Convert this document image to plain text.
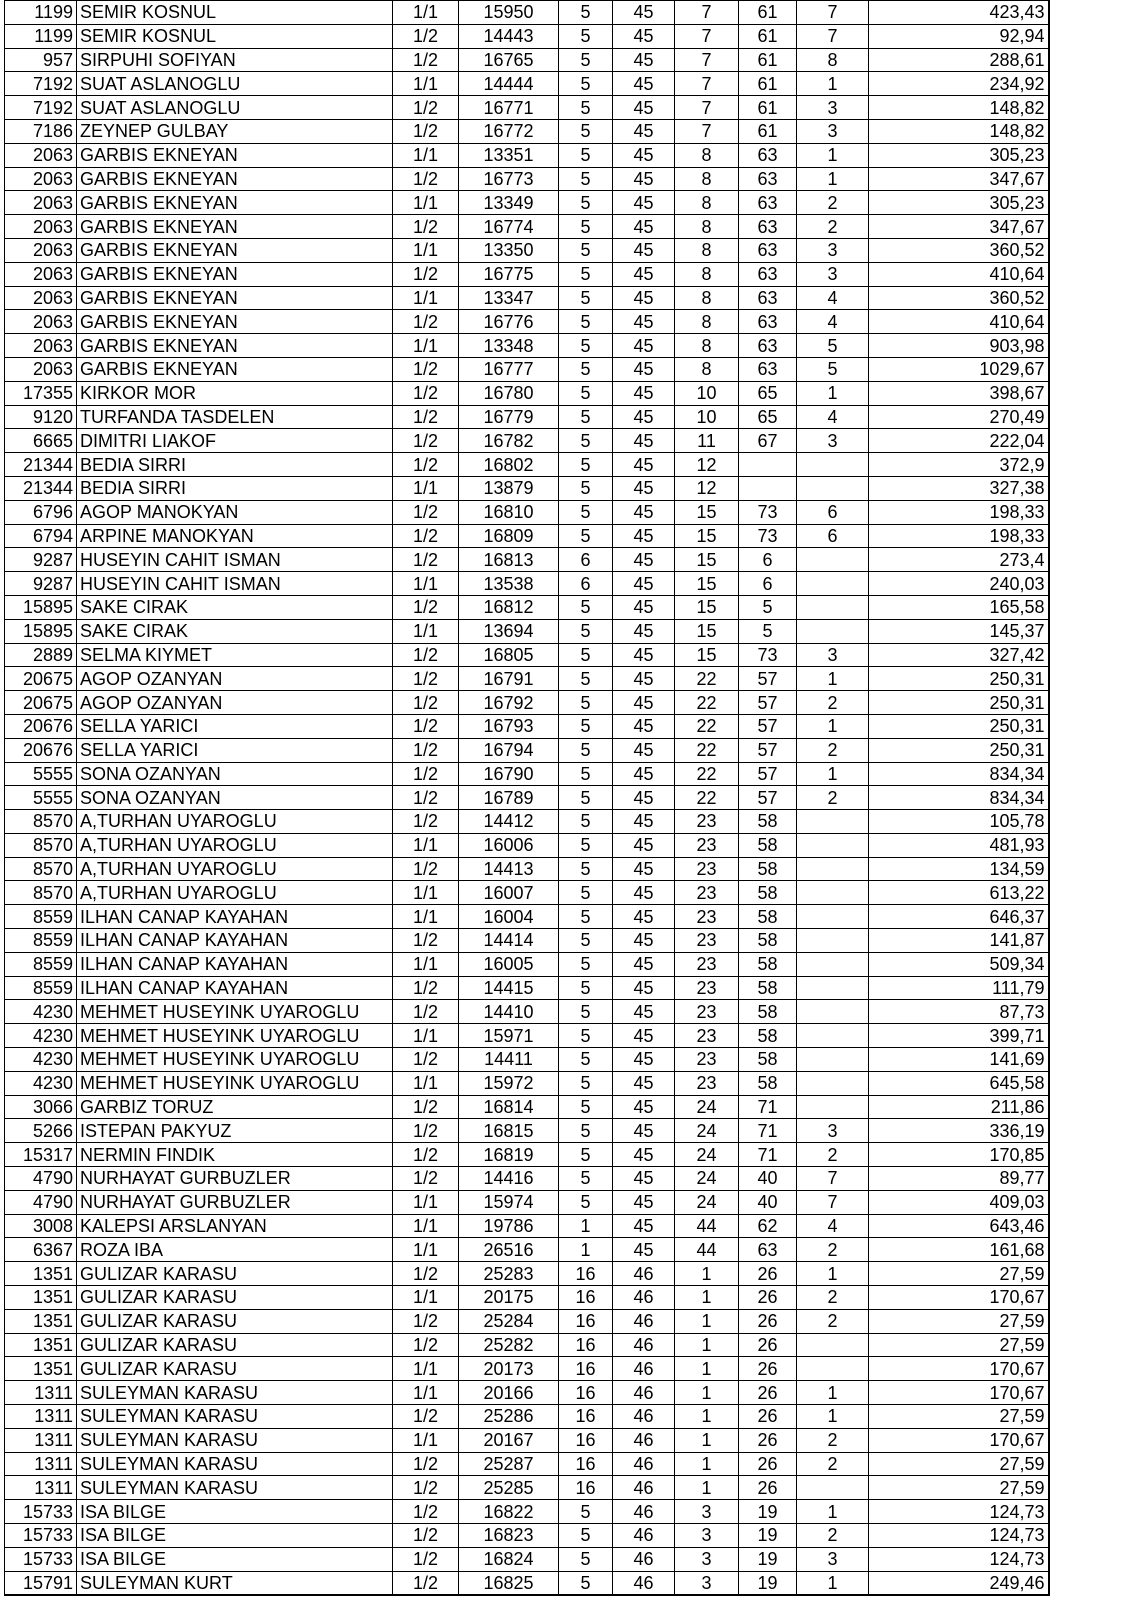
1199	SEMIR KOSNUL	1/1	15950	5	45	7	61	7	423,43
1199	SEMIR KOSNUL	1/2	14443	5	45	7	61	7	92,94
957	SIRPUHI SOFIYAN	1/2	16765	5	45	7	61	8	288,61
7192	SUAT ASLANOGLU	1/1	14444	5	45	7	61	1	234,92
7192	SUAT ASLANOGLU	1/2	16771	5	45	7	61	3	148,82
7186	ZEYNEP GULBAY	1/2	16772	5	45	7	61	3	148,82
2063	GARBIS EKNEYAN	1/1	13351	5	45	8	63	1	305,23
2063	GARBIS EKNEYAN	1/2	16773	5	45	8	63	1	347,67
2063	GARBIS EKNEYAN	1/1	13349	5	45	8	63	2	305,23
2063	GARBIS EKNEYAN	1/2	16774	5	45	8	63	2	347,67
2063	GARBIS EKNEYAN	1/1	13350	5	45	8	63	3	360,52
2063	GARBIS EKNEYAN	1/2	16775	5	45	8	63	3	410,64
2063	GARBIS EKNEYAN	1/1	13347	5	45	8	63	4	360,52
2063	GARBIS EKNEYAN	1/2	16776	5	45	8	63	4	410,64
2063	GARBIS EKNEYAN	1/1	13348	5	45	8	63	5	903,98
2063	GARBIS EKNEYAN	1/2	16777	5	45	8	63	5	1029,67
17355	KIRKOR MOR	1/2	16780	5	45	10	65	1	398,67
9120	TURFANDA TASDELEN	1/2	16779	5	45	10	65	4	270,49
6665	DIMITRI LIAKOF	1/2	16782	5	45	11	67	3	222,04
21344	BEDIA SIRRI	1/2	16802	5	45	12			372,9
21344	BEDIA SIRRI	1/1	13879	5	45	12			327,38
6796	AGOP MANOKYAN	1/2	16810	5	45	15	73	6	198,33
6794	ARPINE MANOKYAN	1/2	16809	5	45	15	73	6	198,33
9287	HUSEYIN CAHIT ISMAN	1/2	16813	6	45	15	6		273,4
9287	HUSEYIN CAHIT ISMAN	1/1	13538	6	45	15	6		240,03
15895	SAKE CIRAK	1/2	16812	5	45	15	5		165,58
15895	SAKE CIRAK	1/1	13694	5	45	15	5		145,37
2889	SELMA KIYMET	1/2	16805	5	45	15	73	3	327,42
20675	AGOP OZANYAN	1/2	16791	5	45	22	57	1	250,31
20675	AGOP OZANYAN	1/2	16792	5	45	22	57	2	250,31
20676	SELLA YARICI	1/2	16793	5	45	22	57	1	250,31
20676	SELLA YARICI	1/2	16794	5	45	22	57	2	250,31
5555	SONA OZANYAN	1/2	16790	5	45	22	57	1	834,34
5555	SONA OZANYAN	1/2	16789	5	45	22	57	2	834,34
8570	A,TURHAN UYAROGLU	1/2	14412	5	45	23	58		105,78
8570	A,TURHAN UYAROGLU	1/1	16006	5	45	23	58		481,93
8570	A,TURHAN UYAROGLU	1/2	14413	5	45	23	58		134,59
8570	A,TURHAN UYAROGLU	1/1	16007	5	45	23	58		613,22
8559	ILHAN CANAP KAYAHAN	1/1	16004	5	45	23	58		646,37
8559	ILHAN CANAP KAYAHAN	1/2	14414	5	45	23	58		141,87
8559	ILHAN CANAP KAYAHAN	1/1	16005	5	45	23	58		509,34
8559	ILHAN CANAP KAYAHAN	1/2	14415	5	45	23	58		111,79
4230	MEHMET HUSEYINK UYAROGLU	1/2	14410	5	45	23	58		87,73
4230	MEHMET HUSEYINK UYAROGLU	1/1	15971	5	45	23	58		399,71
4230	MEHMET HUSEYINK UYAROGLU	1/2	14411	5	45	23	58		141,69
4230	MEHMET HUSEYINK UYAROGLU	1/1	15972	5	45	23	58		645,58
3066	GARBIZ TORUZ	1/2	16814	5	45	24	71		211,86
5266	ISTEPAN PAKYUZ	1/2	16815	5	45	24	71	3	336,19
15317	NERMIN FINDIK	1/2	16819	5	45	24	71	2	170,85
4790	NURHAYAT GURBUZLER	1/2	14416	5	45	24	40	7	89,77
4790	NURHAYAT GURBUZLER	1/1	15974	5	45	24	40	7	409,03
3008	KALEPSI ARSLANYAN	1/1	19786	1	45	44	62	4	643,46
6367	ROZA IBA	1/1	26516	1	45	44	63	2	161,68
1351	GULIZAR KARASU	1/2	25283	16	46	1	26	1	27,59
1351	GULIZAR KARASU	1/1	20175	16	46	1	26	2	170,67
1351	GULIZAR KARASU	1/2	25284	16	46	1	26	2	27,59
1351	GULIZAR KARASU	1/2	25282	16	46	1	26		27,59
1351	GULIZAR KARASU	1/1	20173	16	46	1	26		170,67
1311	SULEYMAN KARASU	1/1	20166	16	46	1	26	1	170,67
1311	SULEYMAN KARASU	1/2	25286	16	46	1	26	1	27,59
1311	SULEYMAN KARASU	1/1	20167	16	46	1	26	2	170,67
1311	SULEYMAN KARASU	1/2	25287	16	46	1	26	2	27,59
1311	SULEYMAN KARASU	1/2	25285	16	46	1	26		27,59
15733	ISA BILGE	1/2	16822	5	46	3	19	1	124,73
15733	ISA BILGE	1/2	16823	5	46	3	19	2	124,73
15733	ISA BILGE	1/2	16824	5	46	3	19	3	124,73
15791	SULEYMAN KURT	1/2	16825	5	46	3	19	1	249,46
